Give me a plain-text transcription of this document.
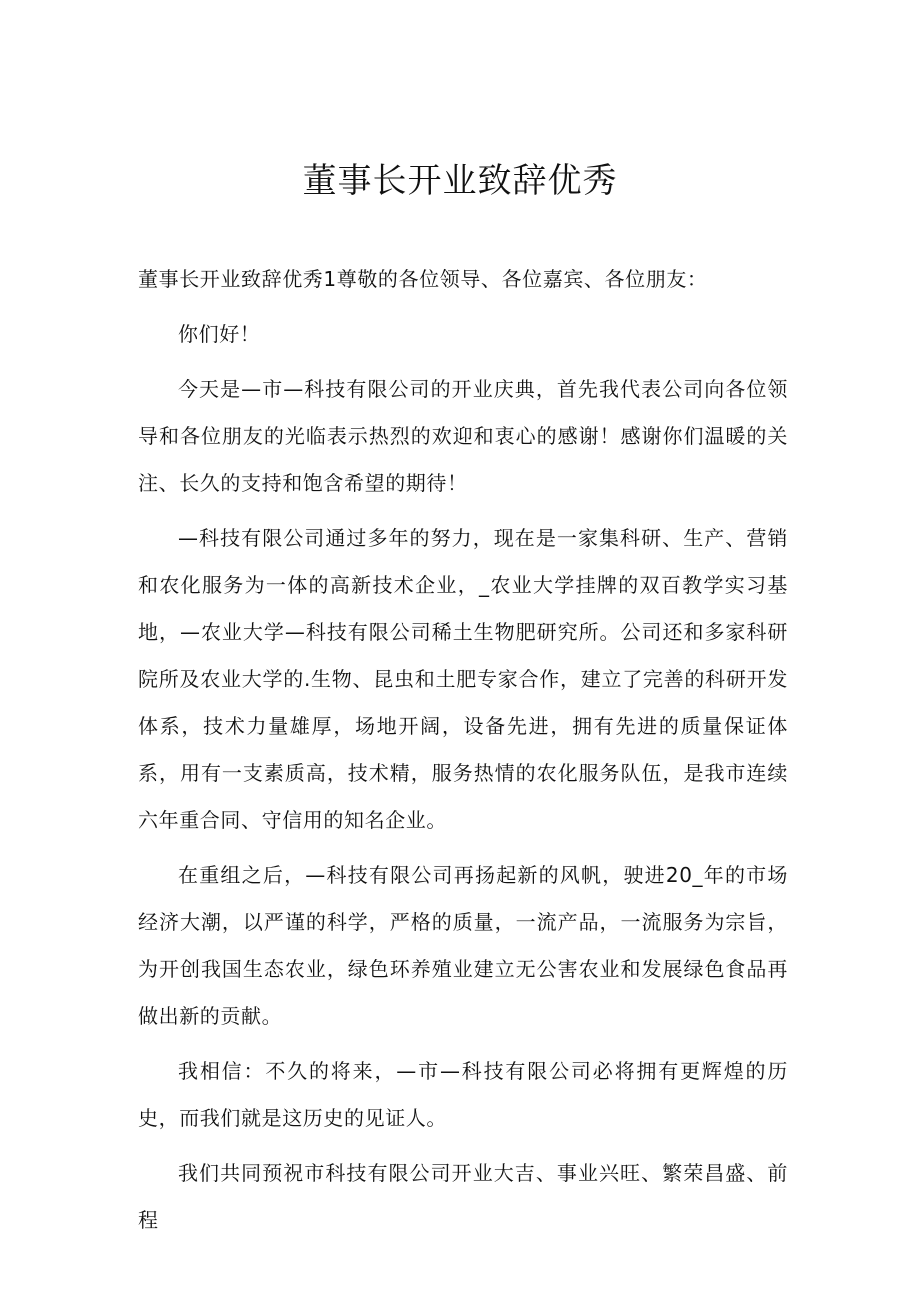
董事长开业致辞优秀

董事长开业致辞优秀1尊敬的各位领导、各位嘉宾、各位朋友：

你们好！

今天是—市—科技有限公司的开业庆典，首先我代表公司向各位领导和各位朋友的光临表示热烈的欢迎和衷心的感谢！感谢你们温暖的关注、长久的支持和饱含希望的期待！

—科技有限公司通过多年的努力，现在是一家集科研、生产、营销和农化服务为一体的高新技术企业，_农业大学挂牌的双百教学实习基地，—农业大学—科技有限公司稀土生物肥研究所。公司还和多家科研院所及农业大学的.生物、昆虫和土肥专家合作，建立了完善的科研开发体系，技术力量雄厚，场地开阔，设备先进，拥有先进的质量保证体系，用有一支素质高，技术精，服务热情的农化服务队伍，是我市连续六年重合同、守信用的知名企业。

在重组之后，—科技有限公司再扬起新的风帆，驶进20_年的市场经济大潮，以严谨的科学，严格的质量，一流产品，一流服务为宗旨，为开创我国生态农业，绿色环养殖业建立无公害农业和发展绿色食品再做出新的贡献。

我相信：不久的将来，—市—科技有限公司必将拥有更辉煌的历史，而我们就是这历史的见证人。

我们共同预祝市科技有限公司开业大吉、事业兴旺、繁荣昌盛、前程
